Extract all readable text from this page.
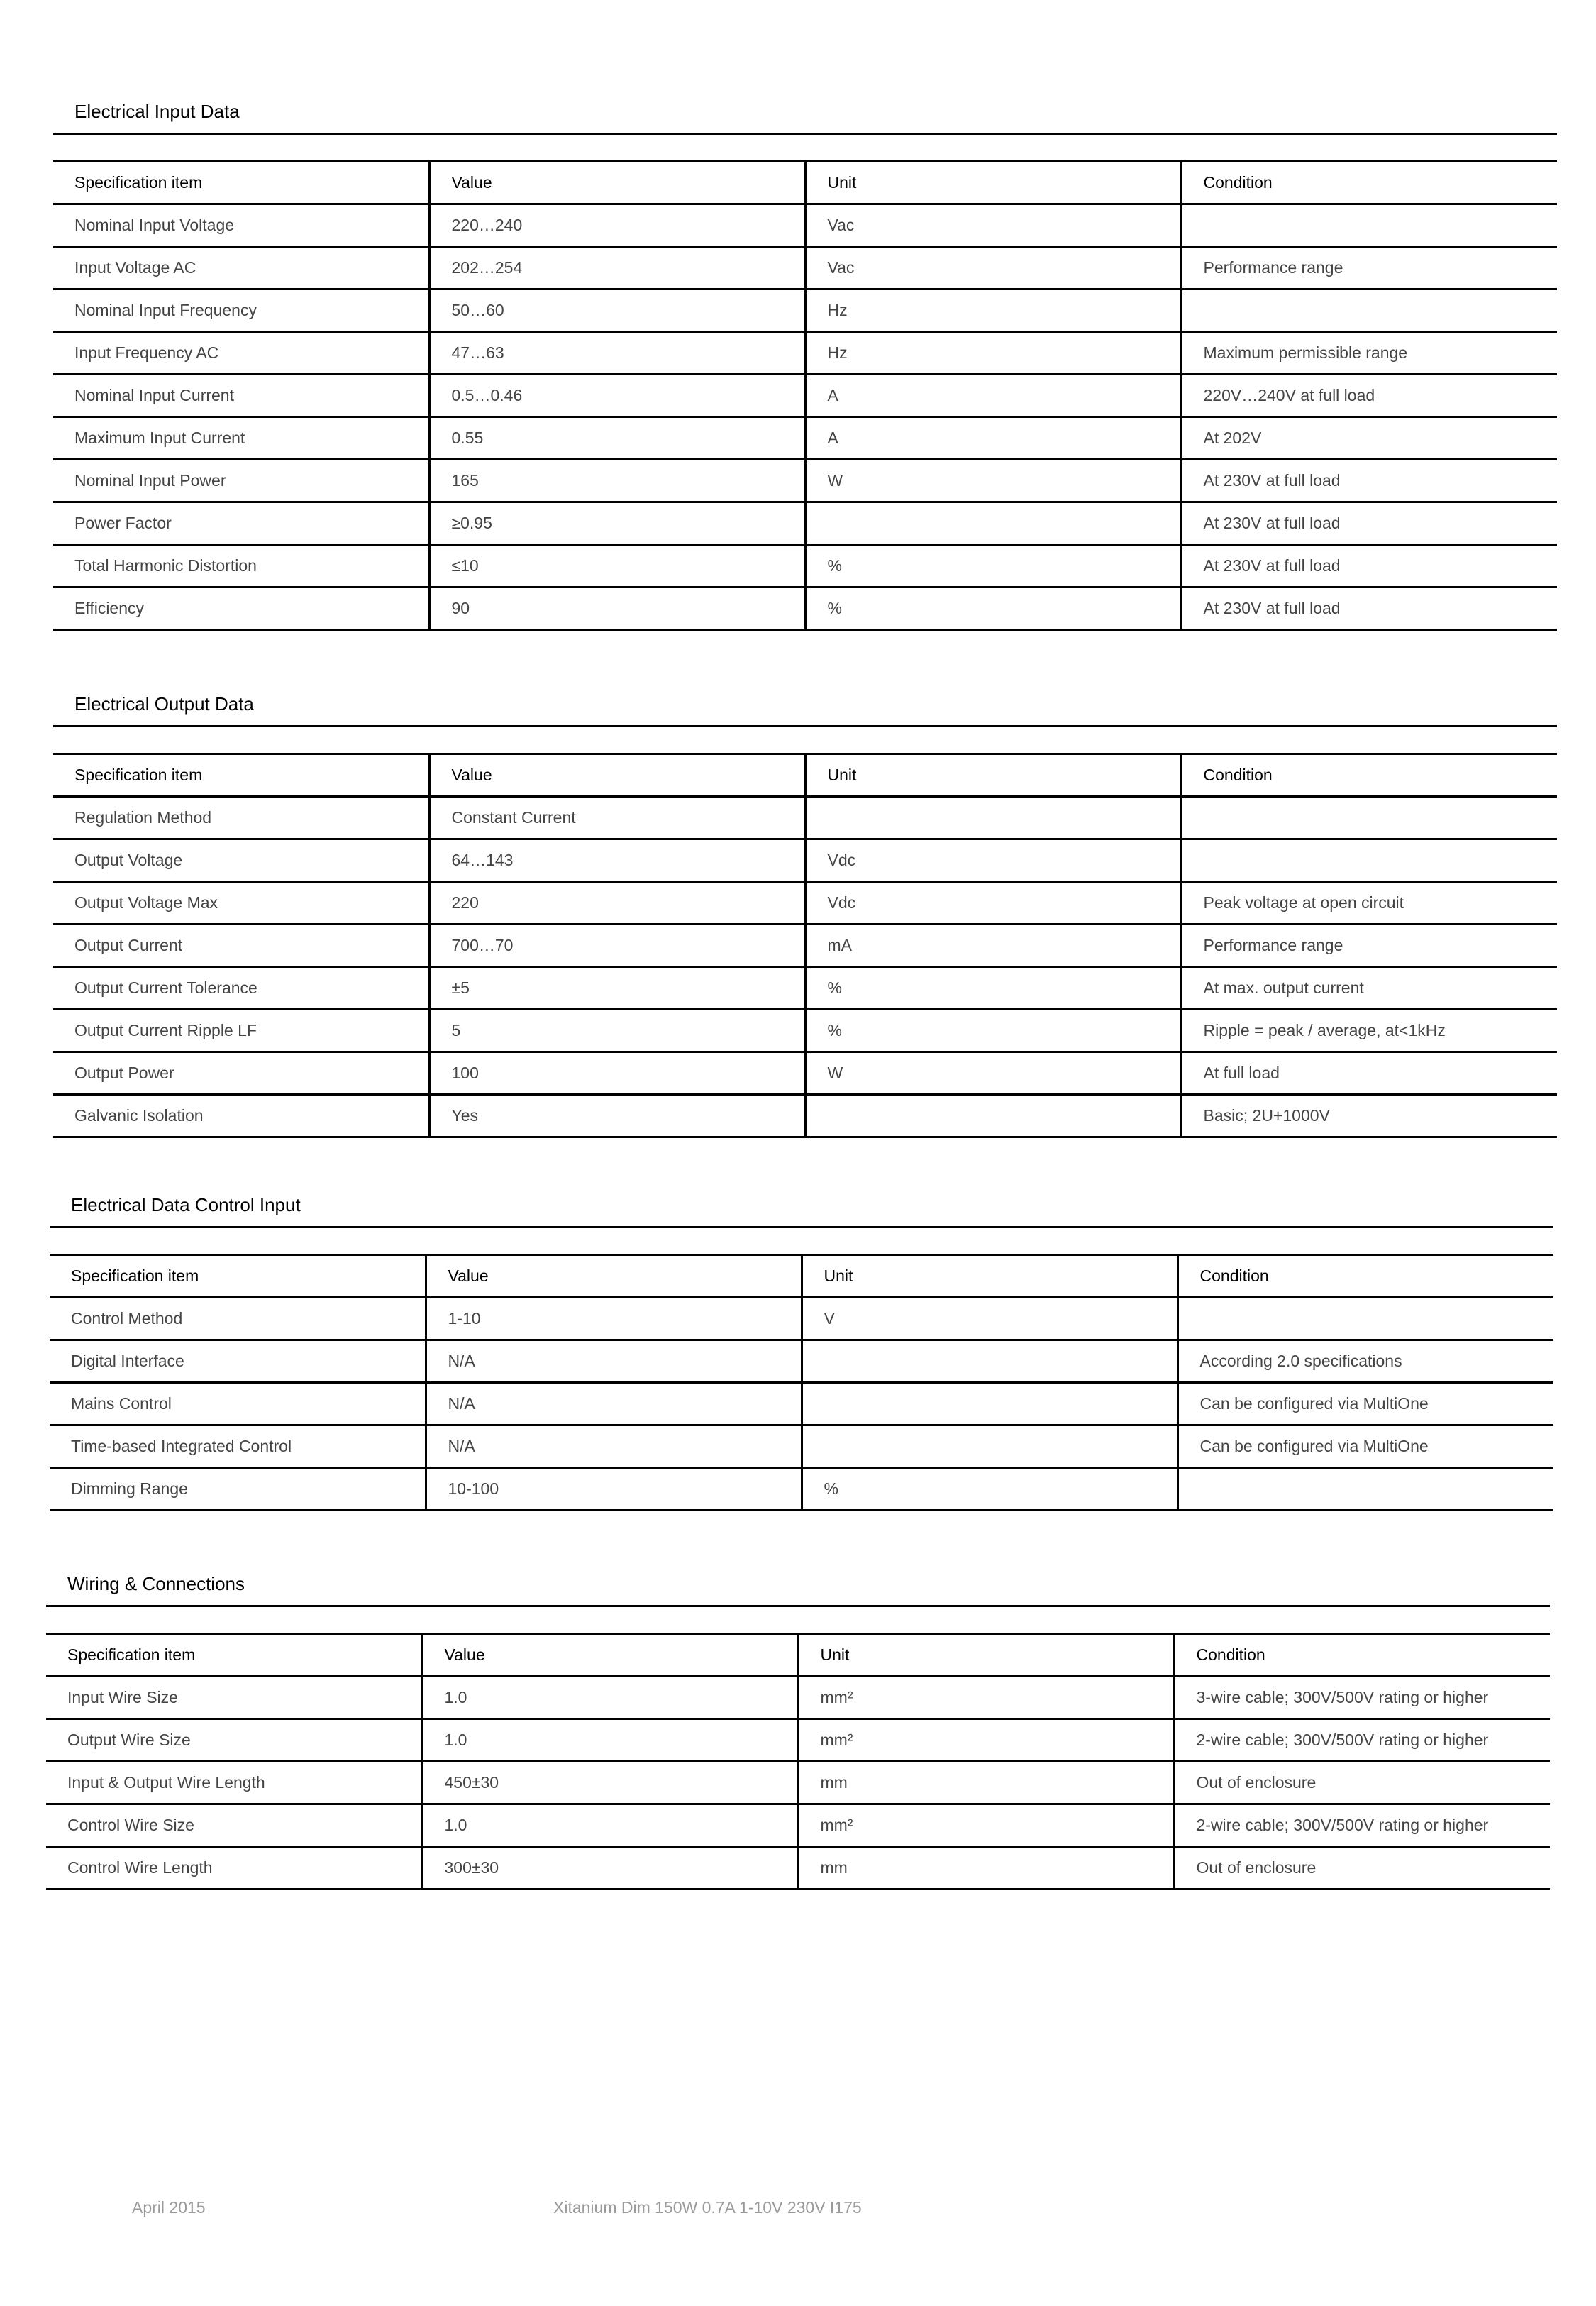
Electrical Input Data
Specification item	Value	Unit	Condition
Nominal Input Voltage	220…240	Vac	
Input Voltage AC	202…254	Vac	Performance range
Nominal Input Frequency	50…60	Hz	
Input Frequency AC	47…63	Hz	Maximum permissible range
Nominal Input Current	0.5…0.46	A	220V…240V at full load
Maximum Input Current	0.55	A	At 202V
Nominal Input Power	165	W	At 230V at full load
Power Factor	≥0.95		At 230V at full load
Total Harmonic Distortion	≤10	%	At 230V at full load
Efficiency	90	%	At 230V at full load
Electrical Output Data
Specification item	Value	Unit	Condition
Regulation Method	Constant Current		
Output Voltage	64…143	Vdc	
Output Voltage Max	220	Vdc	Peak voltage at open circuit
Output Current	700…70	mA	Performance range
Output Current Tolerance	±5	%	At max. output current
Output Current Ripple LF	5	%	Ripple = peak / average, at<1kHz
Output Power	100	W	At full load
Galvanic Isolation	Yes		Basic; 2U+1000V
Electrical Data Control Input
Specification item	Value	Unit	Condition
Control Method	1-10	V	
Digital Interface	N/A		According 2.0 specifications
Mains Control	N/A		Can be configured via MultiOne
Time-based Integrated Control	N/A		Can be configured via MultiOne
Dimming Range	10-100	%	
Wiring & Connections
Specification item	Value	Unit	Condition
Input Wire Size	1.0	mm²	3-wire cable; 300V/500V rating or higher
Output Wire Size	1.0	mm²	2-wire cable; 300V/500V rating or higher
Input & Output Wire Length	450±30	mm	Out of enclosure
Control Wire Size	1.0	mm²	2-wire cable; 300V/500V rating or higher
Control Wire Length	300±30	mm	Out of enclosure
April 2015	Xitanium Dim 150W 0.7A 1-10V 230V I175
